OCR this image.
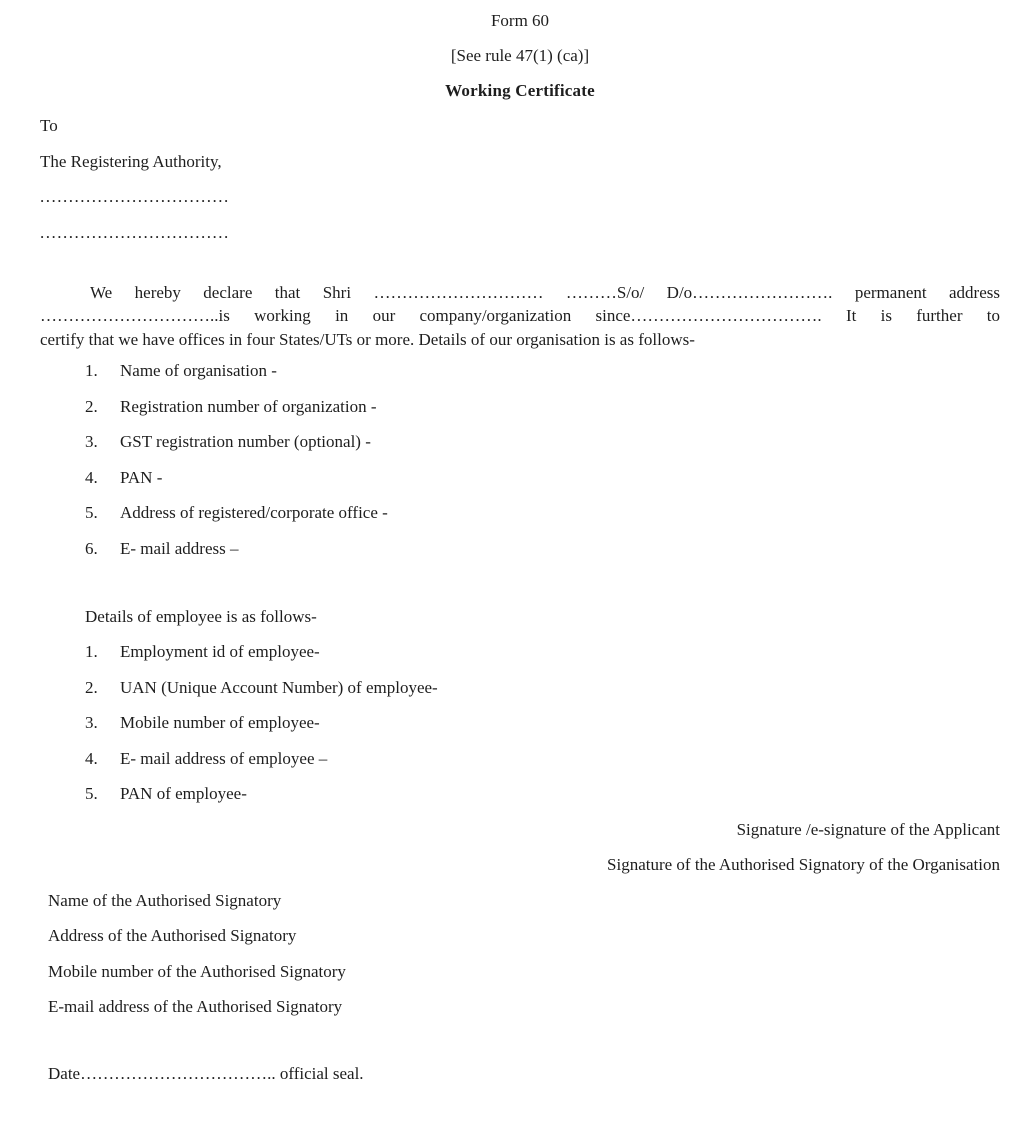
Form 60
[See rule 47(1) (ca)]
Working Certificate
To
The Registering Authority,
.................................
.................................
We hereby declare that Shri ………………………… ………S/o/ D/o……………………. permanent address
…………………………..is working in our company/organization since……………………………. It is further to
certify that we have offices in four States/UTs or more. Details of our organisation is as follows-
1.	Name of organisation -
2.	Registration number of organization -
3.	GST registration number (optional) -
4.	PAN -
5.	Address of registered/corporate office -
6.	E- mail address –
Details of employee is as follows-
1.	Employment id of employee-
2.	UAN (Unique Account Number) of employee-
3.	Mobile number of employee-
4.	E- mail address of employee –
5.	PAN of employee-
Signature /e-signature of the Applicant
Signature of the Authorised Signatory of the Organisation
Name of the Authorised Signatory
Address of the Authorised Signatory
Mobile number of the Authorised Signatory
E-mail address of the Authorised Signatory
Date…………………………….. official seal.
